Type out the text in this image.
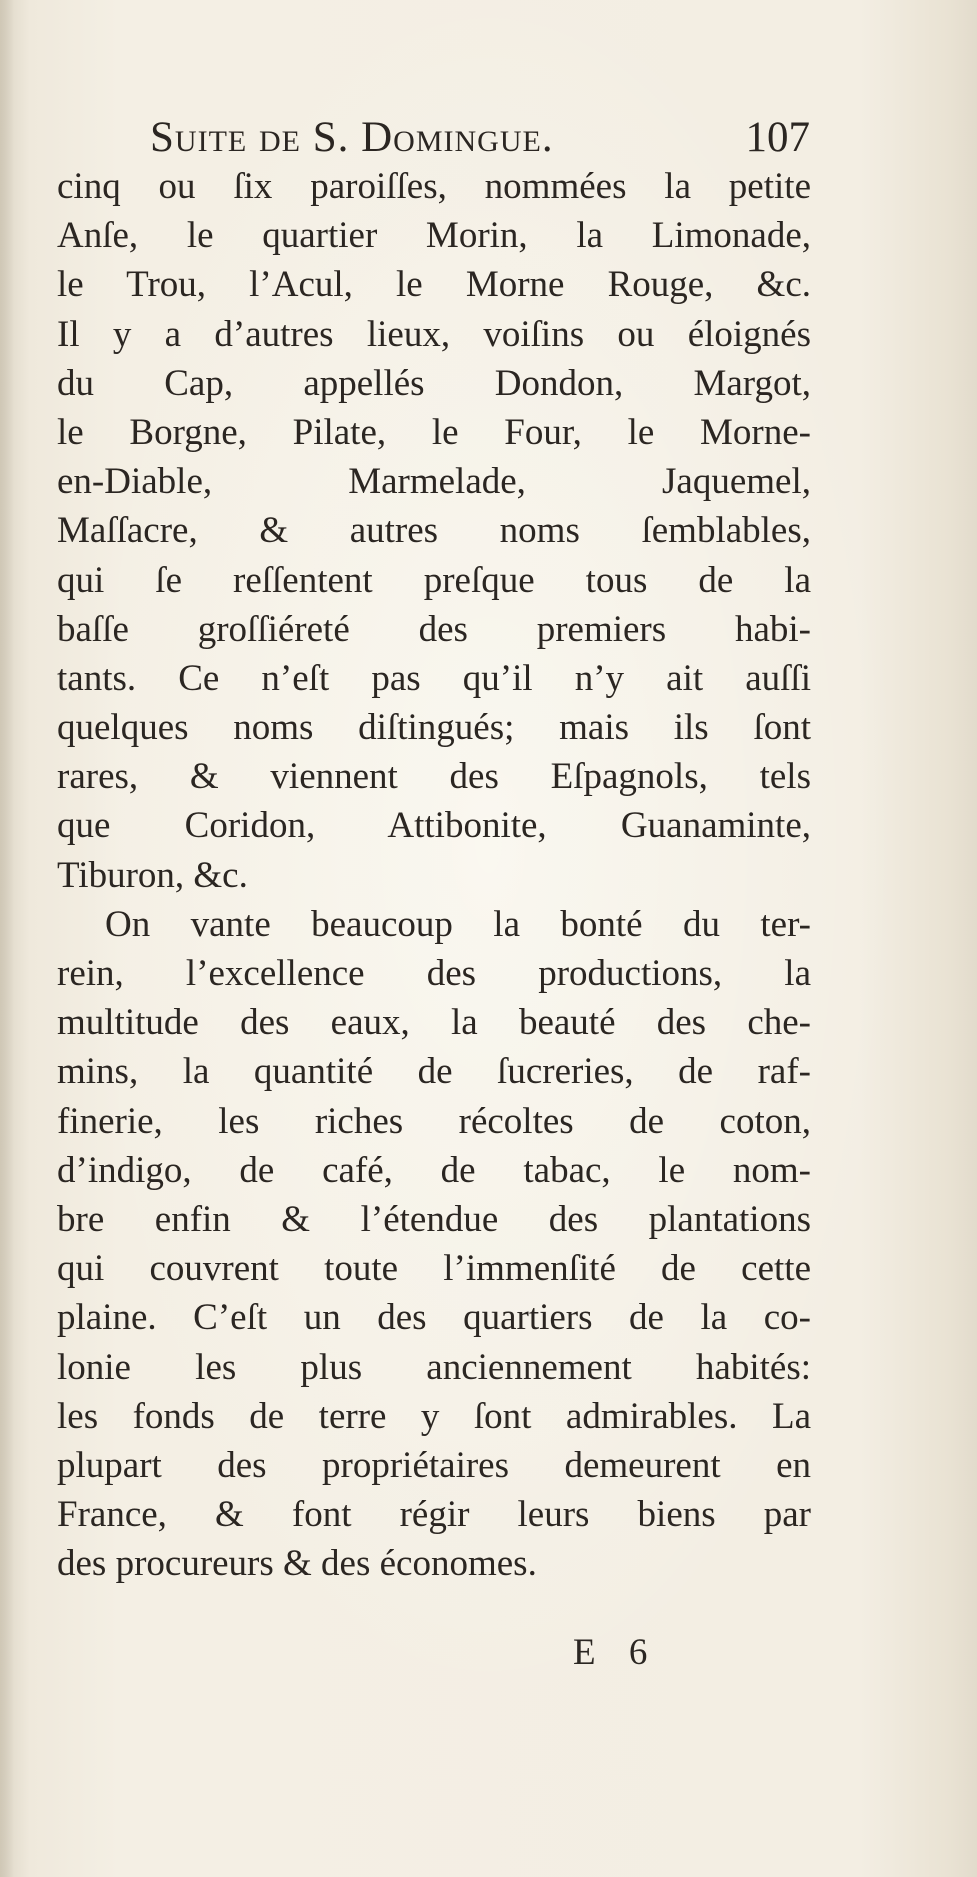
Suite de S. Domingue.	107
cinq ou ſix paroiſſes, nommées la petite
Anſe, le quartier Morin, la Limonade,
le Trou, l’Acul, le Morne Rouge, &c.
Il y a d’autres lieux, voiſins ou éloignés
du Cap, appellés Dondon, Margot,
le Borgne, Pilate, le Four, le Morne-
en-Diable, Marmelade, Jaquemel,
Maſſacre, & autres noms ſemblables,
qui ſe reſſentent preſque tous de la
baſſe groſſiéreté des premiers habi-
tants. Ce n’eſt pas qu’il n’y ait auſſi
quelques noms diſtingués; mais ils ſont
rares, & viennent des Eſpagnols, tels
que Coridon, Attibonite, Guanaminte,
Tiburon, &c.
On vante beaucoup la bonté du ter-
rein, l’excellence des productions, la
multitude des eaux, la beauté des che-
mins, la quantité de ſucreries, de raf-
finerie, les riches récoltes de coton,
d’indigo, de café, de tabac, le nom-
bre enfin & l’étendue des plantations
qui couvrent toute l’immenſité de cette
plaine. C’eſt un des quartiers de la co-
lonie les plus anciennement habités:
les fonds de terre y ſont admirables. La
plupart des propriétaires demeurent en
France, & font régir leurs biens par
des procureurs & des économes.
E 6
